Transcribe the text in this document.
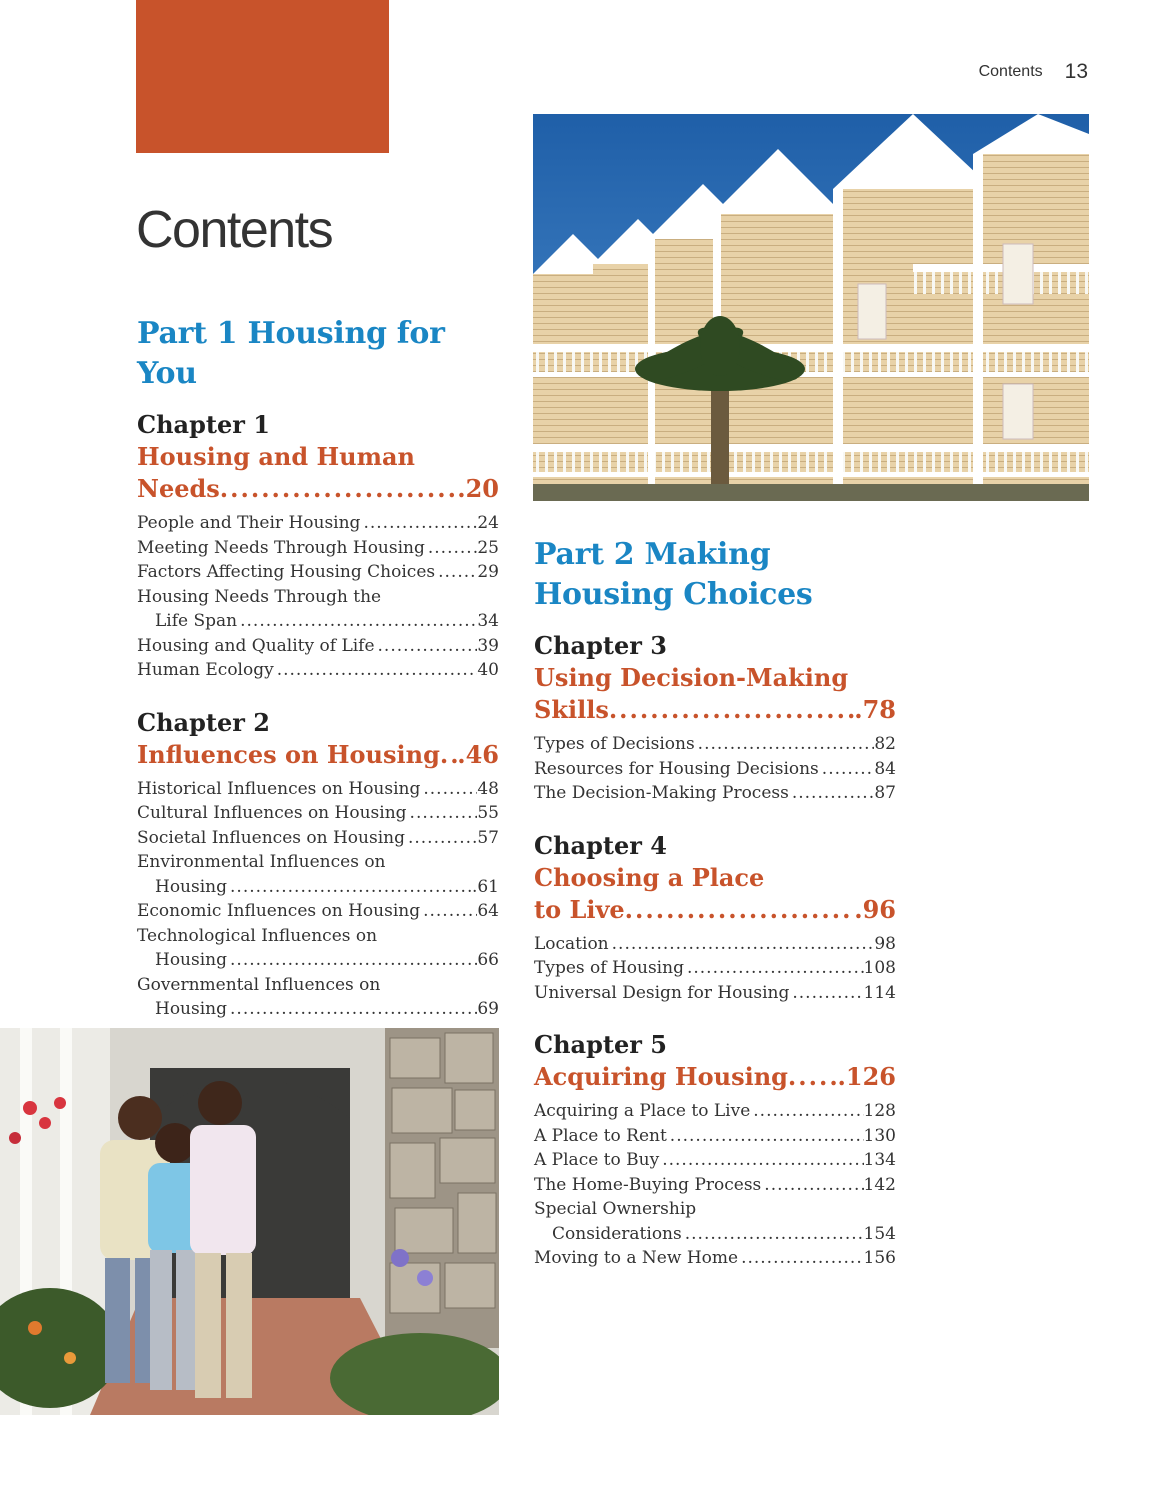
Contents 13
Contents
Part 1 Housing for You
Chapter 1
Housing and Human
Needs .....	.20
People and Their Housing .....	24
Meeting Needs Through Housing .....	25
Factors Affecting Housing Choices ..... 29
Housing Needs Through the
Life Span .....	34
Housing and Quality of Life .....	39
Human Ecology .....	40
Chapter 2
Influences on Housing ..... .46
Historical Influences on Housing .....	48
Cultural Influences on Housing .....	55
Societal Influences on Housing .....	57
Environmental Influences on
Housing .....	.61
Economic Influences on Housing .....	64
Technological Influences on
Housing .....	66
Governmental Influences on
Housing .....	69
Part 2 Making Housing Choices
Chapter 3
Using Decision-Making
Skills .....	.78
Types of Decisions .....	82
Resources for Housing Decisions .....	84
The Decision-Making Process .....	87
Chapter 4
Choosing a Place
to Live .....	.96
Location .....	98
Types of Housing .....	108
Universal Design for Housing .....	114
Chapter 5
Acquiring Housing ..... .126
Acquiring a Place to Live .....	128
A Place to Rent .....	130
A Place to Buy .....	134
The Home-Buying Process .....	142
Special Ownership
Considerations .....	154
Moving to a New Home .....	156
